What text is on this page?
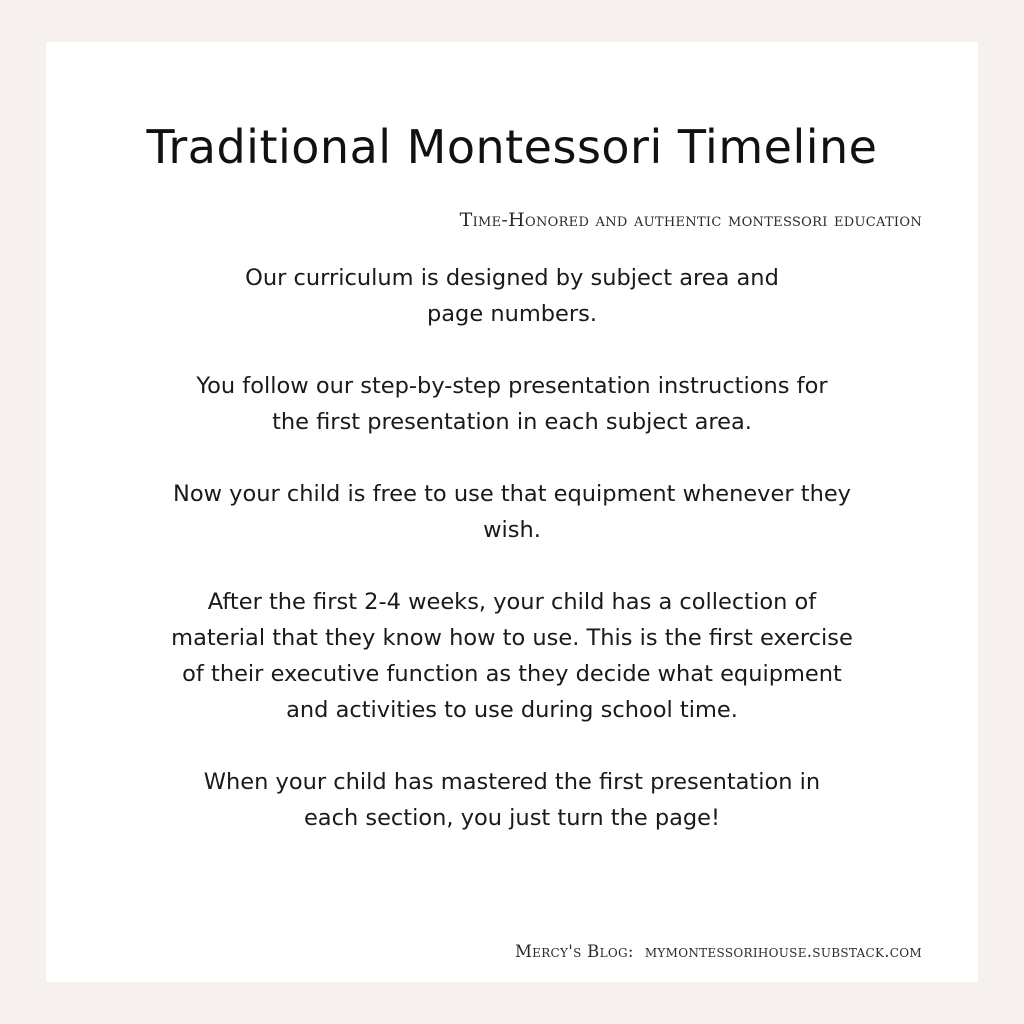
Traditional Montessori Timeline

Time-Honored and authentic montessori education

Our curriculum is designed by subject area and
page numbers.

You follow our step-by-step presentation instructions for
the first presentation in each subject area.

Now your child is free to use that equipment whenever they
wish.

After the first 2-4 weeks, your child has a collection of
material that they know how to use. This is the first exercise
of their executive function as they decide what equipment
and activities to use during school time.

When your child has mastered the first presentation in
each section, you just turn the page!

Mercy's Blog: mymontessorihouse.substack.com
